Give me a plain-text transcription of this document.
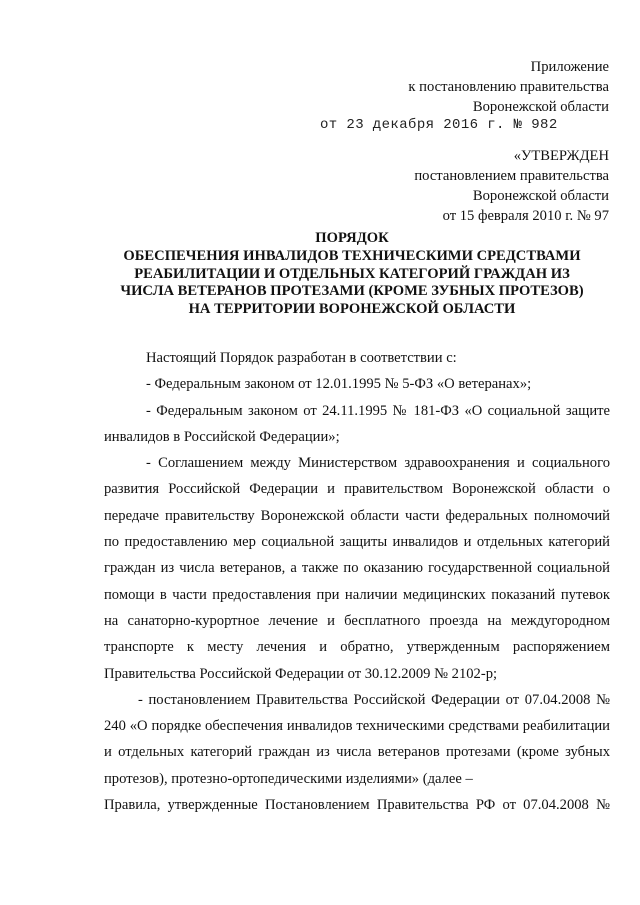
Приложение
к постановлению правительства
Воронежской области
от 23 декабря 2016 г. № 982
«УТВЕРЖДЕН
постановлением правительства
Воронежской области
от 15 февраля 2010 г. № 97
ПОРЯДОК
ОБЕСПЕЧЕНИЯ ИНВАЛИДОВ ТЕХНИЧЕСКИМИ СРЕДСТВАМИ
РЕАБИЛИТАЦИИ И ОТДЕЛЬНЫХ КАТЕГОРИЙ ГРАЖДАН ИЗ
ЧИСЛА ВЕТЕРАНОВ ПРОТЕЗАМИ (КРОМЕ ЗУБНЫХ ПРОТЕЗОВ)
НА ТЕРРИТОРИИ ВОРОНЕЖСКОЙ ОБЛАСТИ

Настоящий Порядок разработан в соответствии с:

- Федеральным законом от 12.01.1995 № 5-ФЗ «О ветеранах»;

- Федеральным законом от 24.11.1995 № 181-ФЗ «О социальной защите инвалидов в Российской Федерации»;

- Соглашением между Министерством здравоохранения и социального развития Российской Федерации и правительством Воронежской области о передаче правительству Воронежской области части федеральных полномочий по предоставлению мер социальной защиты инвалидов и отдельных категорий граждан из числа ветеранов, а также по оказанию государственной социальной помощи в части предоставления при наличии медицинских показаний путевок на санаторно-курортное лечение и бесплатного проезда на междугородном транспорте к месту лечения и обратно, утвержденным распоряжением Правительства Российской Федерации от 30.12.2009 № 2102-р;

- постановлением Правительства Российской Федерации от 07.04.2008 № 240 «О порядке обеспечения инвалидов техническими средствами реабилитации и отдельных категорий граждан из числа ветеранов протезами (кроме зубных протезов), протезно-ортопедическими изделиями» (далее –

Правила, утвержденные Постановлением Правительства РФ от 07.04.2008 №
